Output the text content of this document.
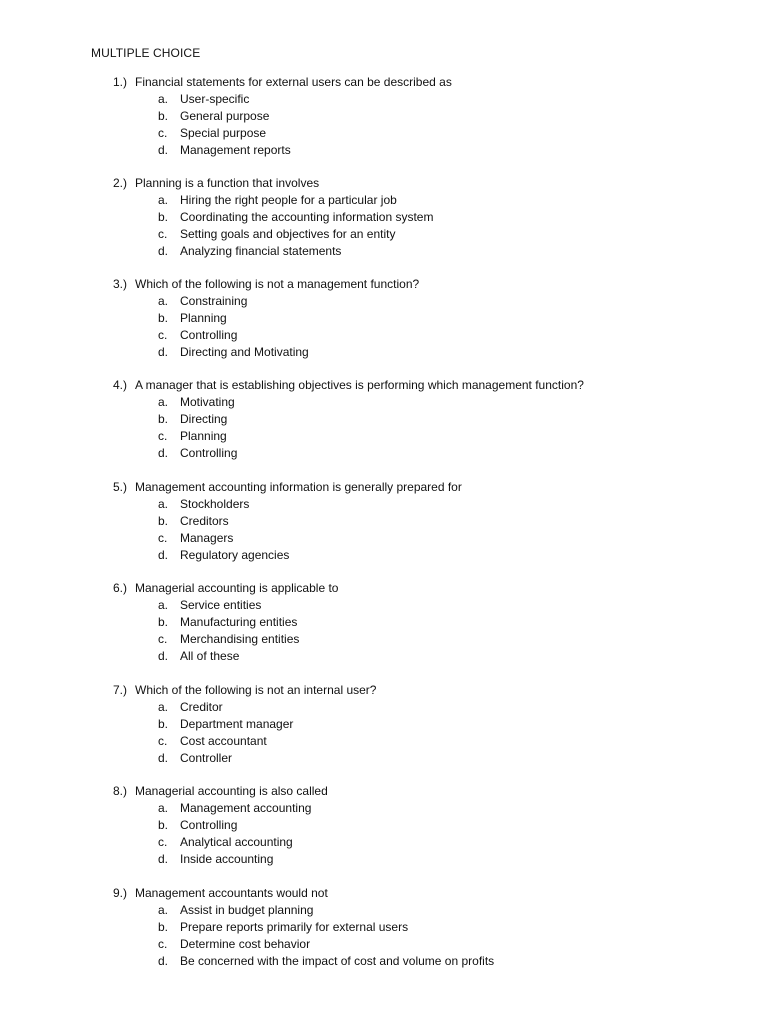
MULTIPLE CHOICE
1.) Financial statements for external users can be described as
a. User-specific
b. General purpose
c. Special purpose
d. Management reports
2.) Planning is a function that involves
a. Hiring the right people for a particular job
b. Coordinating the accounting information system
c. Setting goals and objectives for an entity
d. Analyzing financial statements
3.) Which of the following is not a management function?
a. Constraining
b. Planning
c. Controlling
d. Directing and Motivating
4.) A manager that is establishing objectives is performing which management function?
a. Motivating
b. Directing
c. Planning
d. Controlling
5.) Management accounting information is generally prepared for
a. Stockholders
b. Creditors
c. Managers
d. Regulatory agencies
6.) Managerial accounting is applicable to
a. Service entities
b. Manufacturing entities
c. Merchandising entities
d. All of these
7.) Which of the following is not an internal user?
a. Creditor
b. Department manager
c. Cost accountant
d. Controller
8.) Managerial accounting is also called
a. Management accounting
b. Controlling
c. Analytical accounting
d. Inside accounting
9.) Management accountants would not
a. Assist in budget planning
b. Prepare reports primarily for external users
c. Determine cost behavior
d. Be concerned with the impact of cost and volume on profits
